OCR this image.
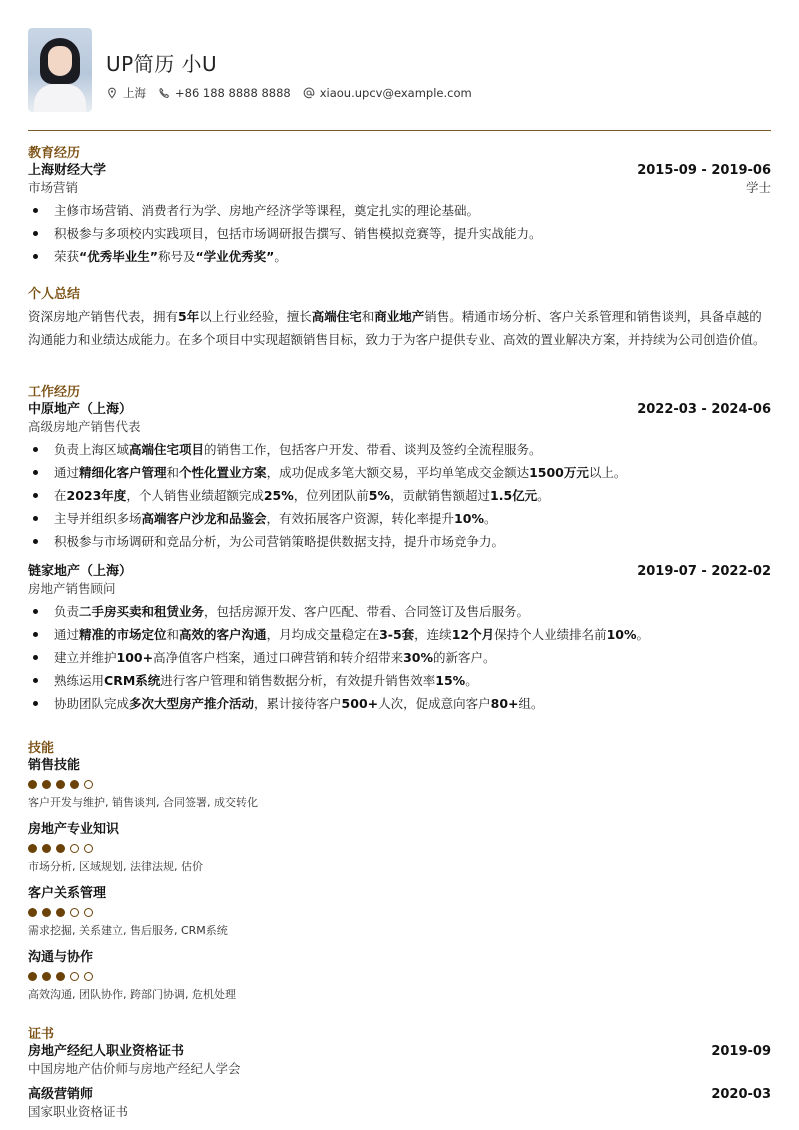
UP简历 小U
上海	+86 188 8888 8888	xiaou.upcv@example.com
教育经历
上海财经大学	2015-09 - 2019-06
市场营销	学士
主修市场营销、消费者行为学、房地产经济学等课程，奠定扎实的理论基础。
积极参与多项校内实践项目，包括市场调研报告撰写、销售模拟竞赛等，提升实战能力。
荣获“优秀毕业生”称号及“学业优秀奖”。
个人总结
资深房地产销售代表，拥有5年以上行业经验，擅长高端住宅和商业地产销售。精通市场分析、客户关系管理和销售谈判，具备卓越的沟通能力和业绩达成能力。在多个项目中实现超额销售目标，致力于为客户提供专业、高效的置业解决方案，并持续为公司创造价值。
工作经历
中原地产（上海）	2022-03 - 2024-06
高级房地产销售代表
负责上海区域高端住宅项目的销售工作，包括客户开发、带看、谈判及签约全流程服务。
通过精细化客户管理和个性化置业方案，成功促成多笔大额交易，平均单笔成交金额达1500万元以上。
在2023年度，个人销售业绩超额完成25%，位列团队前5%，贡献销售额超过1.5亿元。
主导并组织多场高端客户沙龙和品鉴会，有效拓展客户资源，转化率提升10%。
积极参与市场调研和竞品分析，为公司营销策略提供数据支持，提升市场竞争力。
链家地产（上海）	2019-07 - 2022-02
房地产销售顾问
负责二手房买卖和租赁业务，包括房源开发、客户匹配、带看、合同签订及售后服务。
通过精准的市场定位和高效的客户沟通，月均成交量稳定在3-5套，连续12个月保持个人业绩排名前10%。
建立并维护100+高净值客户档案，通过口碑营销和转介绍带来30%的新客户。
熟练运用CRM系统进行客户管理和销售数据分析，有效提升销售效率15%。
协助团队完成多次大型房产推介活动，累计接待客户500+人次，促成意向客户80+组。
技能
销售技能
客户开发与维护, 销售谈判, 合同签署, 成交转化
房地产专业知识
市场分析, 区域规划, 法律法规, 估价
客户关系管理
需求挖掘, 关系建立, 售后服务, CRM系统
沟通与协作
高效沟通, 团队协作, 跨部门协调, 危机处理
证书
房地产经纪人职业资格证书	2019-09
中国房地产估价师与房地产经纪人学会
高级营销师	2020-03
国家职业资格证书
